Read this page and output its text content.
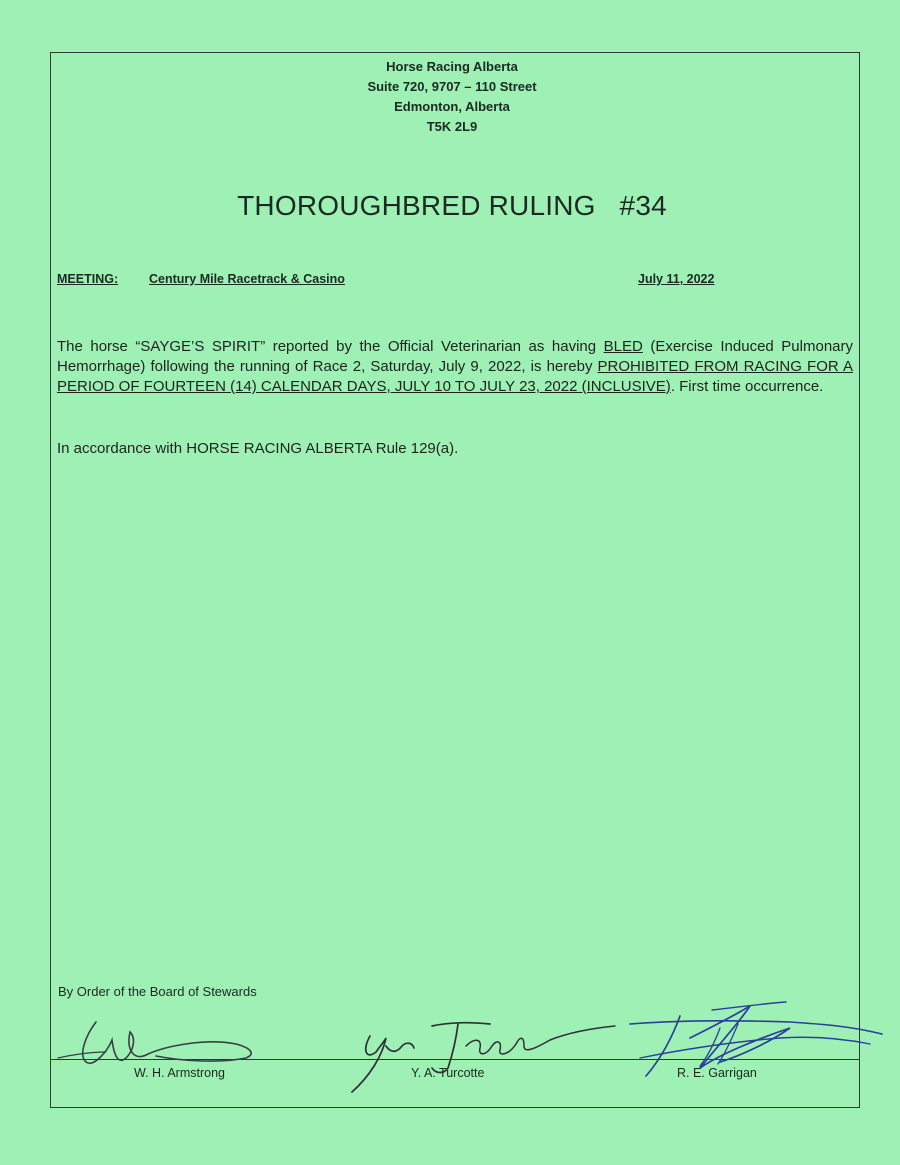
Horse Racing Alberta
Suite 720, 9707 – 110 Street
Edmonton, Alberta
T5K 2L9
THOROUGHBRED RULING   #34
MEETING: Century Mile Racetrack & Casino	July 11, 2022
The horse “SAYGE’S SPIRIT” reported by the Official Veterinarian as having BLED (Exercise Induced Pulmonary Hemorrhage) following the running of Race 2, Saturday, July 9, 2022, is hereby PROHIBITED FROM RACING FOR A PERIOD OF FOURTEEN (14) CALENDAR DAYS, JULY 10 TO JULY 23, 2022 (INCLUSIVE). First time occurrence.
In accordance with HORSE RACING ALBERTA Rule 129(a).
By Order of the Board of Stewards
W. H. Armstrong	Y. A. Turcotte	R. E. Garrigan
